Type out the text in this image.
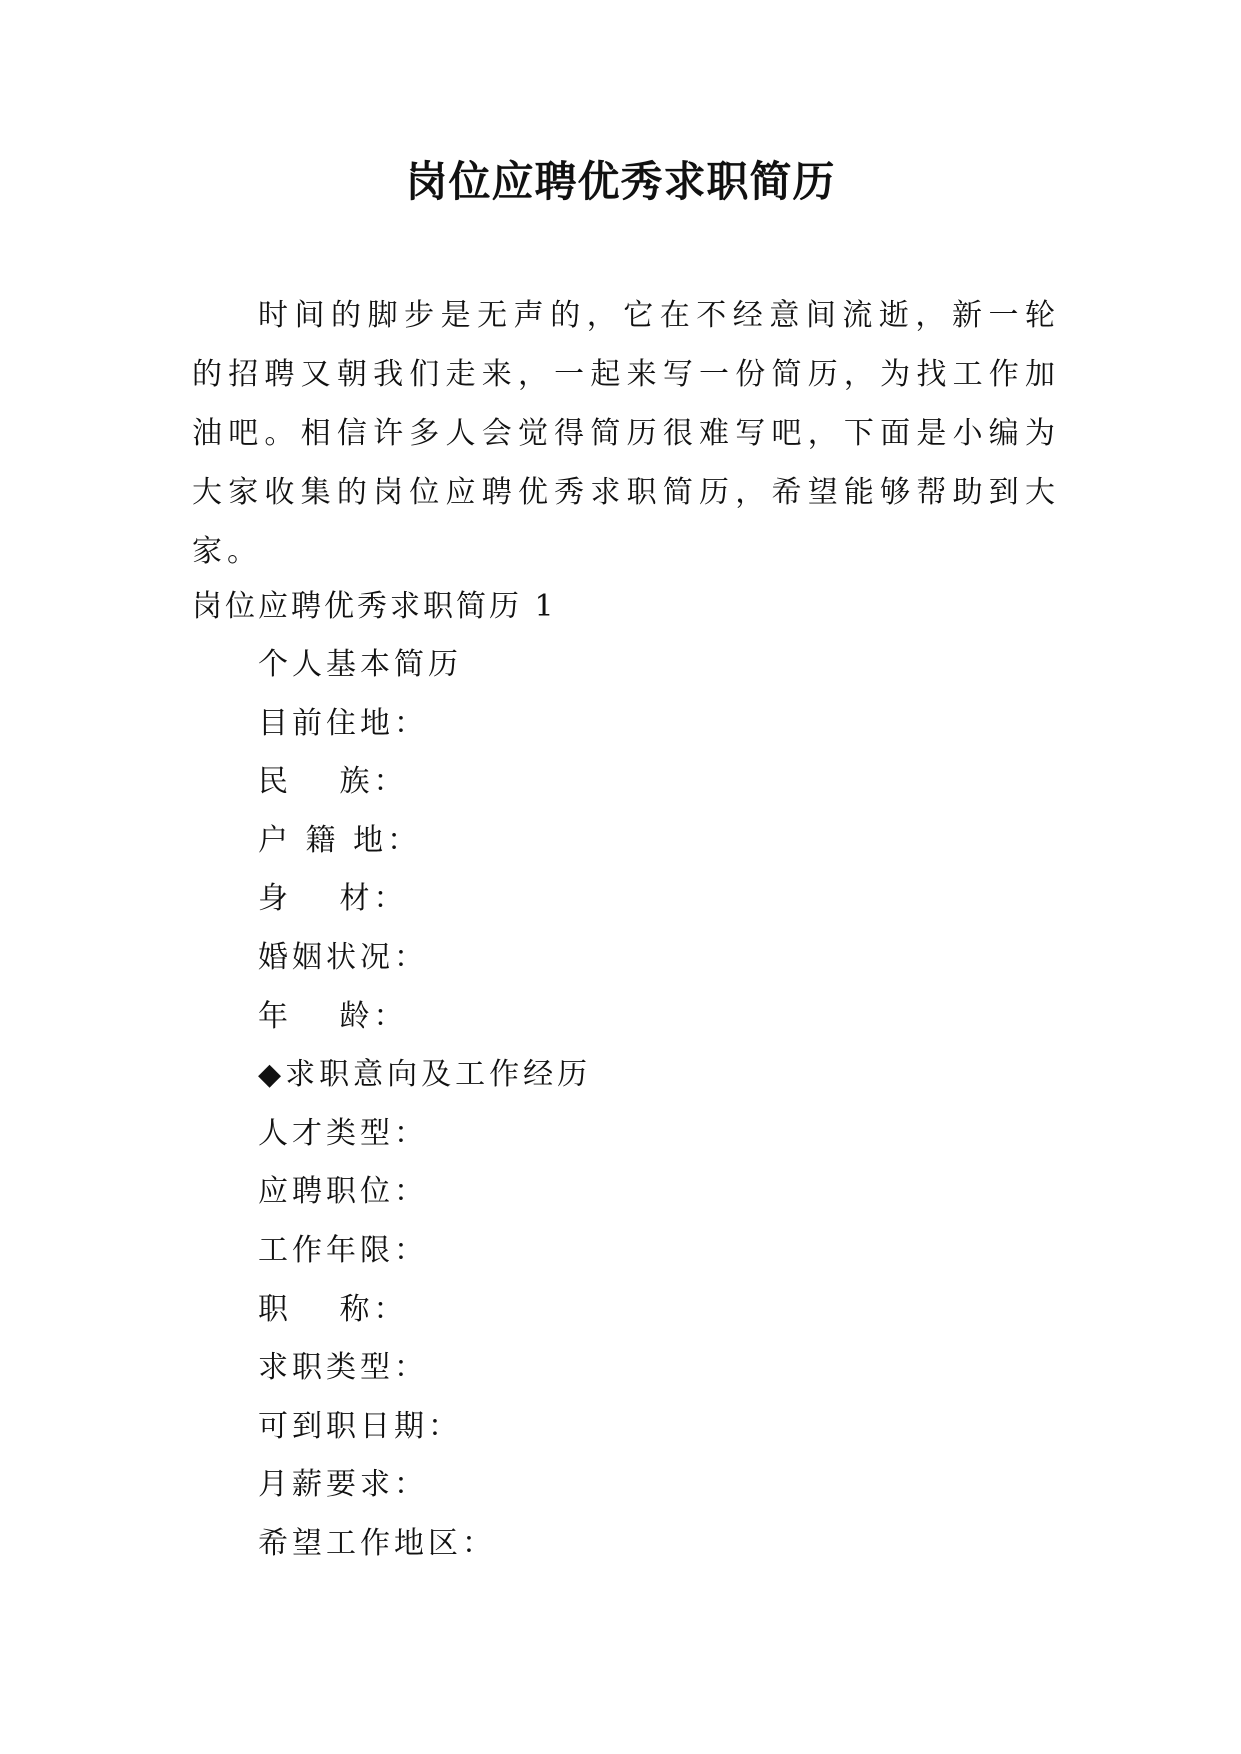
岗位应聘优秀求职简历

时间的脚步是无声的，它在不经意间流逝，新一轮的招聘又朝我们走来，一起来写一份简历，为找工作加油吧。相信许多人会觉得简历很难写吧，下面是小编为大家收集的岗位应聘优秀求职简历，希望能够帮助到大家。

岗位应聘优秀求职简历 1
个人基本简历
目前住地：
民　 族：
户 籍 地：
身　 材：
婚姻状况：
年　 龄：
◆求职意向及工作经历
人才类型：
应聘职位：
工作年限：
职　 称：
求职类型：
可到职日期：
月薪要求：
希望工作地区：
